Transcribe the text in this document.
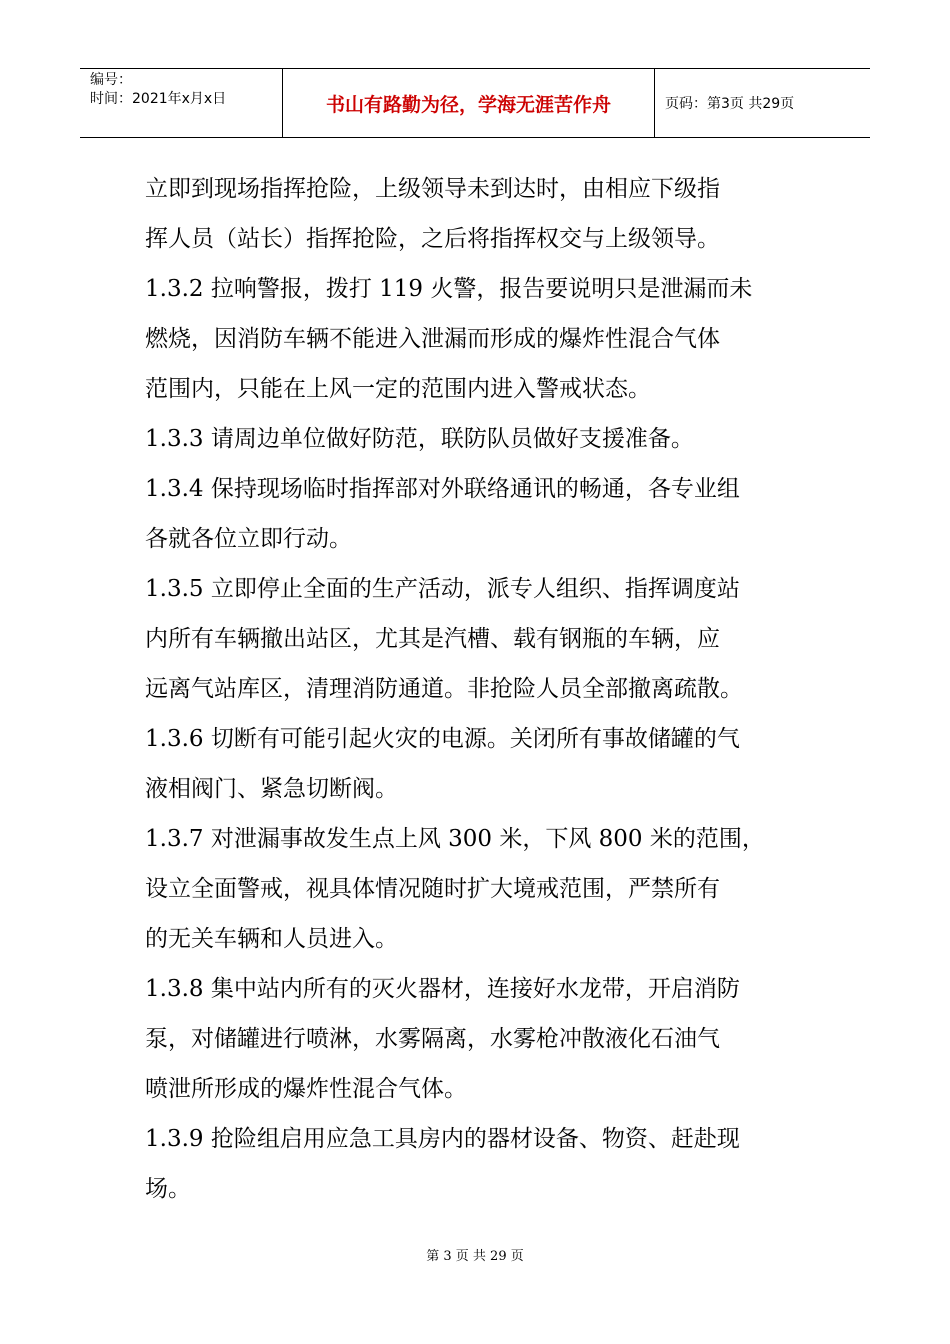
编号：
时间：2021年x月x日	书山有路勤为径，学海无涯苦作舟	页码：第3页 共29页
立即到现场指挥抢险，上级领导未到达时，由相应下级指
挥人员（站长）指挥抢险，之后将指挥权交与上级领导。
1.3.2 拉响警报，拨打 119 火警，报告要说明只是泄漏而未
燃烧，因消防车辆不能进入泄漏而形成的爆炸性混合气体
范围内，只能在上风一定的范围内进入警戒状态。
1.3.3 请周边单位做好防范，联防队员做好支援准备。
1.3.4 保持现场临时指挥部对外联络通讯的畅通，各专业组
各就各位立即行动。
1.3.5 立即停止全面的生产活动，派专人组织、指挥调度站
内所有车辆撤出站区，尤其是汽槽、载有钢瓶的车辆，应
远离气站库区，清理消防通道。非抢险人员全部撤离疏散。
1.3.6 切断有可能引起火灾的电源。关闭所有事故储罐的气
液相阀门、紧急切断阀。
1.3.7 对泄漏事故发生点上风 300 米，下风 800 米的范围，
设立全面警戒，视具体情况随时扩大境戒范围，严禁所有
的无关车辆和人员进入。
1.3.8 集中站内所有的灭火器材，连接好水龙带，开启消防
泵，对储罐进行喷淋，水雾隔离，水雾枪冲散液化石油气
喷泄所形成的爆炸性混合气体。
1.3.9 抢险组启用应急工具房内的器材设备、物资、赶赴现
场。
第 3 页 共 29 页
